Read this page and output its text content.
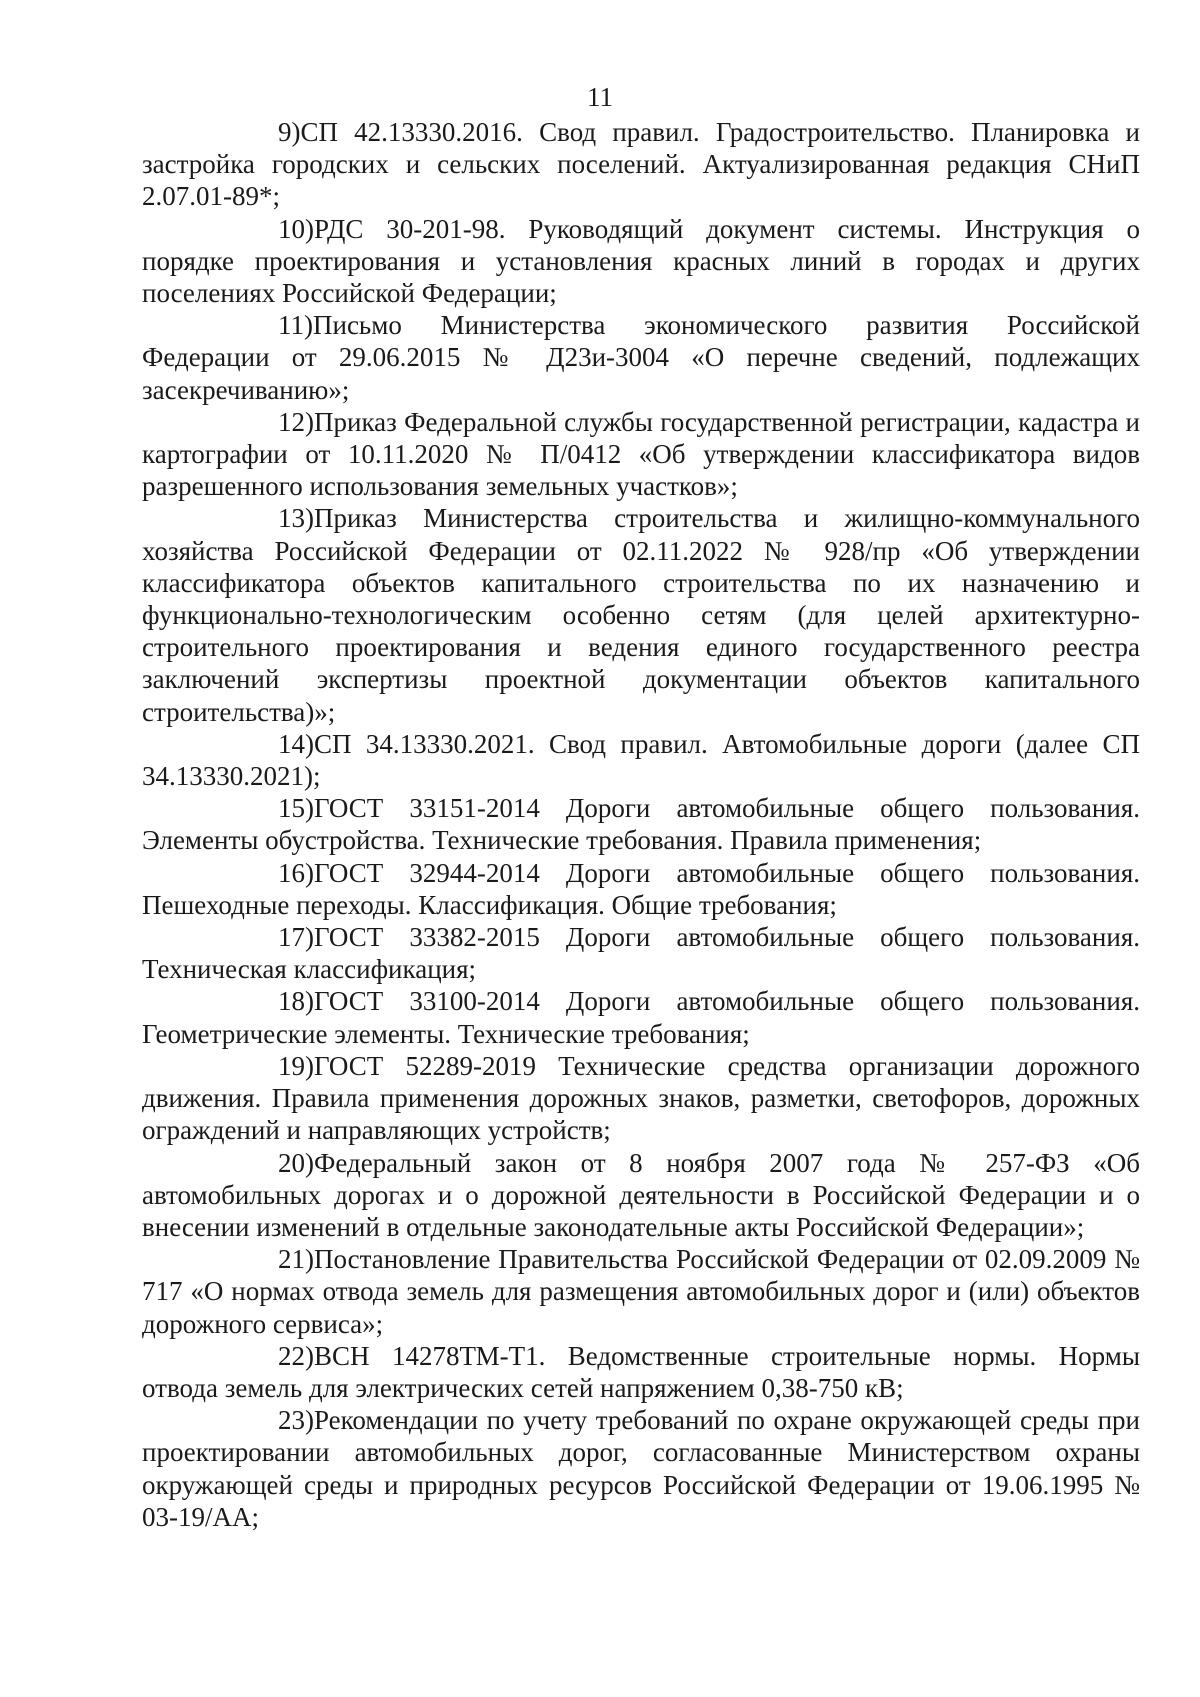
11

9)СП 42.13330.2016. Свод правил. Градостроительство. Планировка и застройка городских и сельских поселений. Актуализированная редакция СНиП 2.07.01-89*;

10)РДС 30-201-98. Руководящий документ системы. Инструкция о порядке проектирования и установления красных линий в городах и других поселениях Российской Федерации;

11)Письмо Министерства экономического развития Российской Федерации от 29.06.2015 № Д23и-3004 «О перечне сведений, подлежащих засекречиванию»;

12)Приказ Федеральной службы государственной регистрации, кадастра и картографии от 10.11.2020 № П/0412 «Об утверждении классификатора видов разрешенного использования земельных участков»;

13)Приказ Министерства строительства и жилищно-коммунального хозяйства Российской Федерации от 02.11.2022 № 928/пр «Об утверждении классификатора объектов капитального строительства по их назначению и функционально-технологическим особенно сетям (для целей архитектурно-строительного проектирования и ведения единого государственного реестра заключений экспертизы проектной документации объектов капитального строительства)»;

14)СП 34.13330.2021. Свод правил. Автомобильные дороги (далее СП 34.13330.2021);

15)ГОСТ 33151-2014 Дороги автомобильные общего пользования. Элементы обустройства. Технические требования. Правила применения;

16)ГОСТ 32944-2014 Дороги автомобильные общего пользования. Пешеходные переходы. Классификация. Общие требования;

17)ГОСТ 33382-2015 Дороги автомобильные общего пользования. Техническая классификация;

18)ГОСТ 33100-2014 Дороги автомобильные общего пользования. Геометрические элементы. Технические требования;

19)ГОСТ 52289-2019 Технические средства организации дорожного движения. Правила применения дорожных знаков, разметки, светофоров, дорожных ограждений и направляющих устройств;

20)Федеральный закон от 8 ноября 2007 года № 257-ФЗ «Об автомобильных дорогах и о дорожной деятельности в Российской Федерации и о внесении изменений в отдельные законодательные акты Российской Федерации»;

21)Постановление Правительства Российской Федерации от 02.09.2009 № 717 «О нормах отвода земель для размещения автомобильных дорог и (или) объектов дорожного сервиса»;

22)ВСН 14278ТМ-Т1. Ведомственные строительные нормы. Нормы отвода земель для электрических сетей напряжением 0,38-750 кВ;

23)Рекомендации по учету требований по охране окружающей среды при проектировании автомобильных дорог, согласованные Министерством охраны окружающей среды и природных ресурсов Российской Федерации от 19.06.1995 № 03-19/АА;
